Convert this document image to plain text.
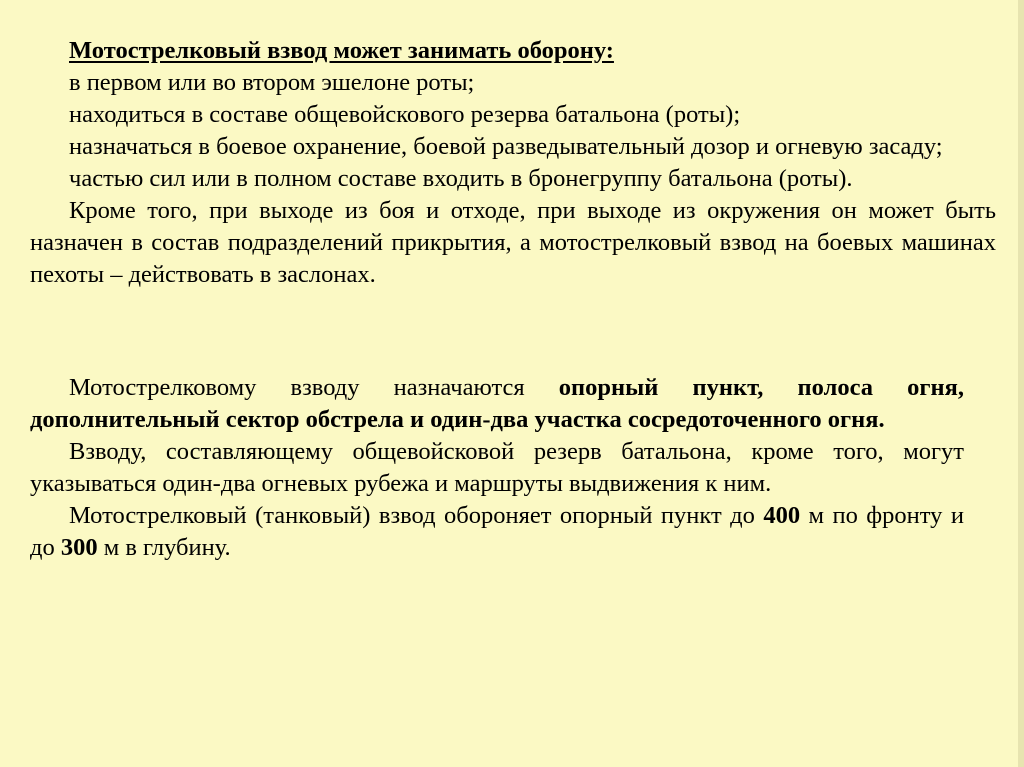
Мотострелковый взвод может занимать оборону:

в первом или во втором эшелоне роты;

находиться в составе общевойскового резерва батальона (роты);

назначаться в боевое охранение, боевой разведывательный дозор и огневую засаду;

частью сил или в полном составе входить в бронегруппу батальона (роты).

Кроме того, при выходе из боя и отходе, при выходе из окружения он может быть назначен в состав подразделений прикрытия, а мотострелковый взвод на боевых машинах пехоты – действовать в заслонах.

Мотострелковому взводу назначаются опорный пункт, полоса огня, дополнительный сектор обстрела и один-два участка сосредоточенного огня.

Взводу, составляющему общевойсковой резерв батальона, кроме того, могут указываться один-два огневых рубежа и маршруты выдвижения к ним.

Мотострелковый (танковый) взвод обороняет опорный пункт до 400 м по фронту и до 300 м в глубину.
